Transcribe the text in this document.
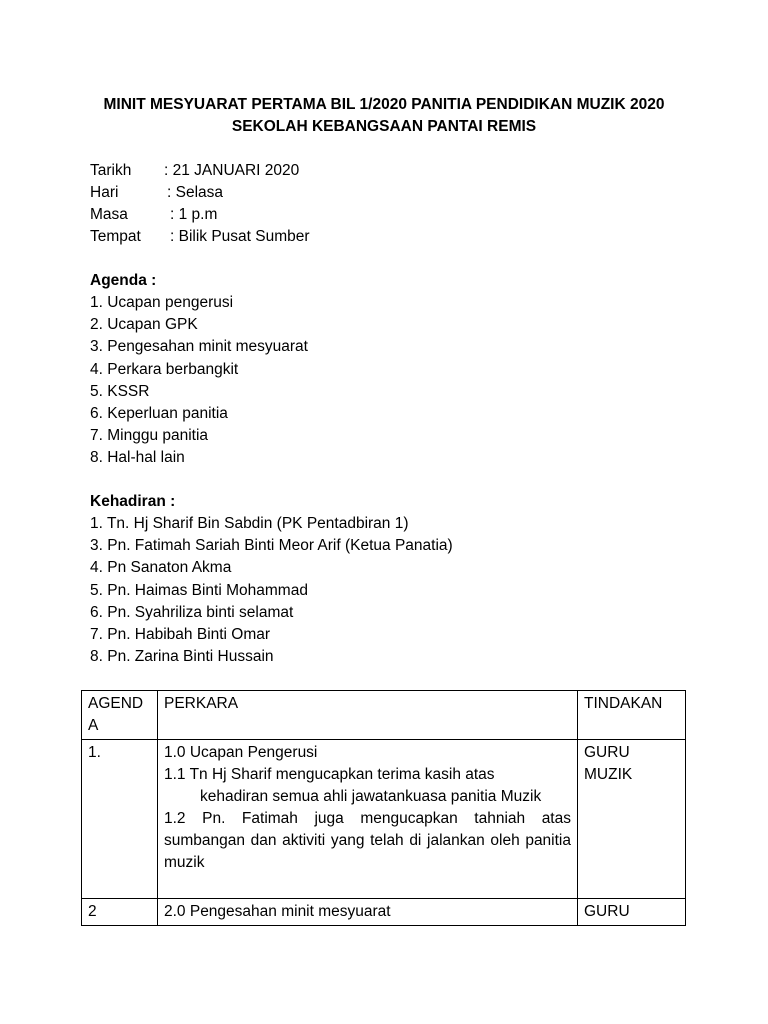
MINIT MESYUARAT PERTAMA BIL 1/2020 PANITIA PENDIDIKAN MUZIK 2020
SEKOLAH KEBANGSAAN PANTAI REMIS
Tarikh : 21 JANUARI 2020
Hari	: Selasa
Masa	: 1 p.m
Tempat : Bilik Pusat Sumber
Agenda :
1. Ucapan pengerusi
2. Ucapan GPK
3. Pengesahan minit mesyuarat
4. Perkara berbangkit
5. KSSR
6. Keperluan panitia
7. Minggu panitia
8. Hal-hal lain
Kehadiran :
1. Tn. Hj Sharif Bin Sabdin (PK Pentadbiran 1)
3. Pn. Fatimah Sariah Binti Meor Arif (Ketua Panatia)
4. Pn Sanaton Akma
5. Pn. Haimas Binti Mohammad
6. Pn. Syahriliza binti selamat
7. Pn. Habibah Binti Omar
8. Pn. Zarina Binti Hussain
AGENDA	PERKARA	TINDAKAN
1.	1.0 Ucapan Pengerusi
1.1 Tn Hj Sharif mengucapkan terima kasih atas
kehadiran semua ahli jawatankuasa panitia Muzik
1.2 Pn. Fatimah juga mengucapkan tahniah atas sumbangan dan aktiviti yang telah di jalankan oleh panitia muzik	GURU MUZIK

2	2.0 Pengesahan minit mesyuarat	GURU
